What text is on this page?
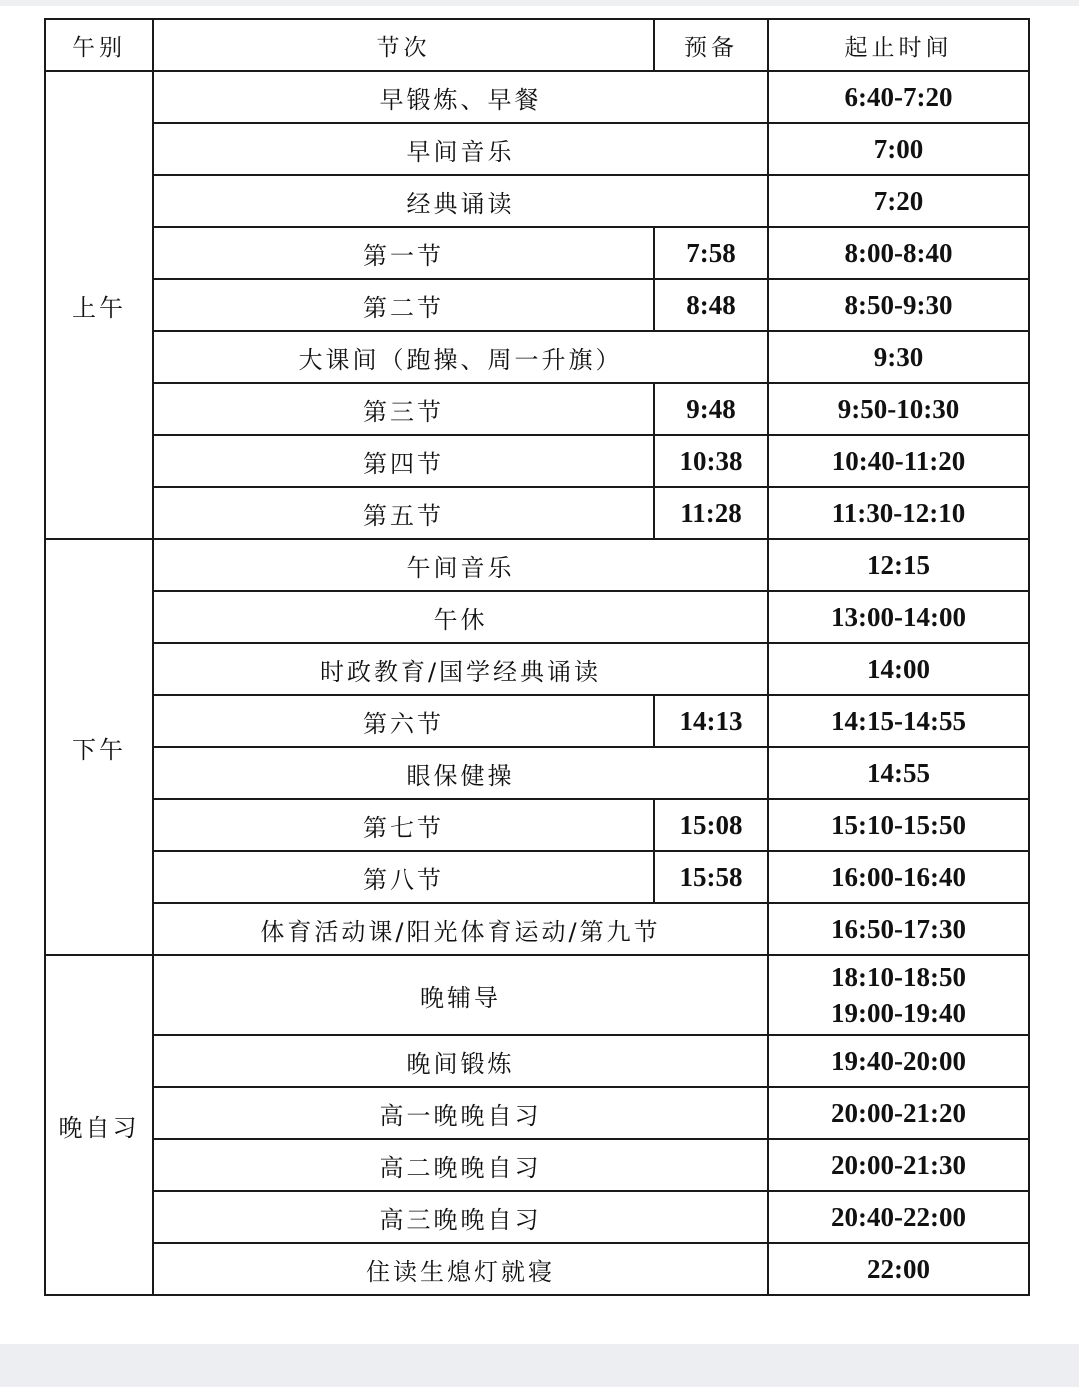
午别	节次	预备	起止时间
上午	早锻炼、早餐		6:40-7:20
	早间音乐		7:00
	经典诵读		7:20
	第一节	7:58	8:00-8:40
	第二节	8:48	8:50-9:30
	大课间（跑操、周一升旗）		9:30
	第三节	9:48	9:50-10:30
	第四节	10:38	10:40-11:20
	第五节	11:28	11:30-12:10
下午	午间音乐		12:15
	午休		13:00-14:00
	时政教育/国学经典诵读		14:00
	第六节	14:13	14:15-14:55
	眼保健操		14:55
	第七节	15:08	15:10-15:50
	第八节	15:58	16:00-16:40
	体育活动课/阳光体育运动/第九节		16:50-17:30
晚自习	晚辅导		18:10-18:50
19:00-19:40

	晚间锻炼		19:40-20:00
	高一晚晚自习		20:00-21:20
	高二晚晚自习		20:00-21:30
	高三晚晚自习		20:40-22:00
	住读生熄灯就寝		22:00
